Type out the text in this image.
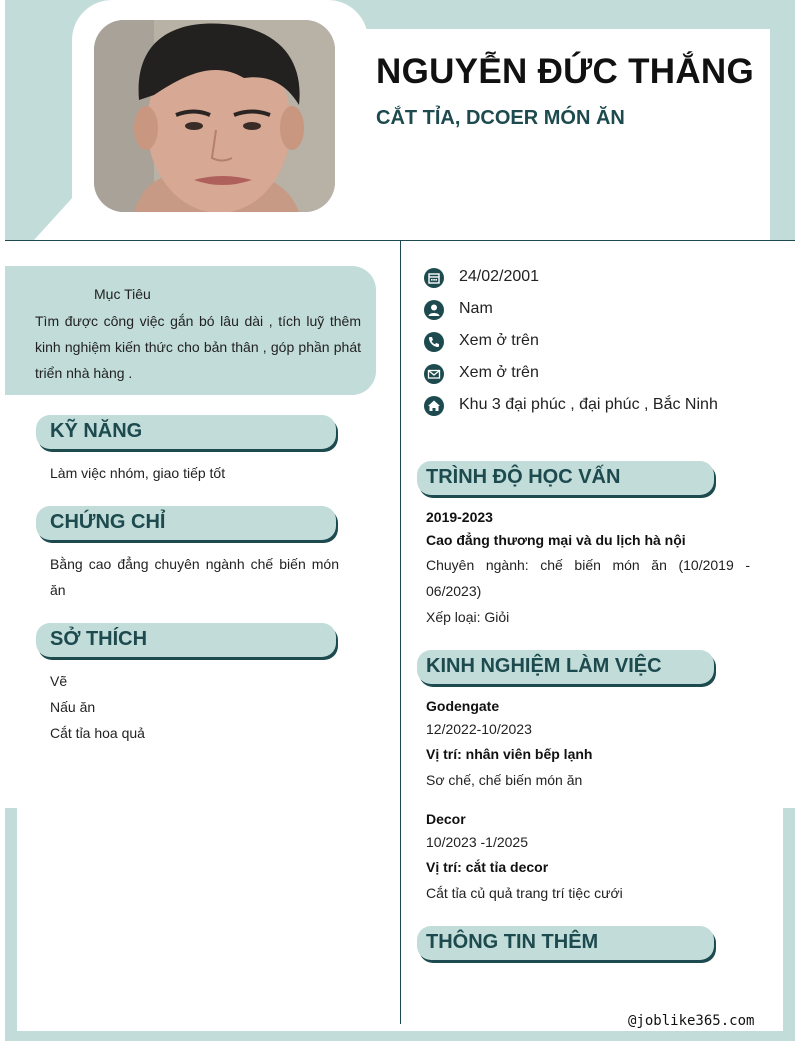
NGUYỄN ĐỨC THẮNG
CẮT TỈA, DCOER MÓN ĂN
Mục Tiêu
Tìm được công việc gắn bó lâu dài , tích luỹ thêm kinh nghiệm kiến thức cho bản thân , góp phần phát triển nhà hàng .
KỸ NĂNG
Làm việc nhóm, giao tiếp tốt
CHỨNG CHỈ
Bằng cao đẳng chuyên ngành chế biến món ăn
SỞ THÍCH
Vẽ
Nấu ăn
Cắt tỉa hoa quả
24/02/2001
Nam
Xem ở trên
Xem ở trên
Khu 3 đại phúc , đại phúc , Bắc Ninh
TRÌNH ĐỘ HỌC VẤN
2019-2023
Cao đẳng thương mại và du lịch hà nội
Chuyên ngành: chế biến món ăn (10/2019 - 06/2023)
Xếp loại: Giỏi
KINH NGHIỆM LÀM VIỆC
Godengate
12/2022-10/2023
Vị trí: nhân viên bếp lạnh
Sơ chế, chế biến món ăn
Decor
10/2023 -1/2025
Vị trí: cắt tỉa decor
Cắt tỉa củ quả trang trí tiệc cưới
THÔNG TIN THÊM
@joblike365.com
